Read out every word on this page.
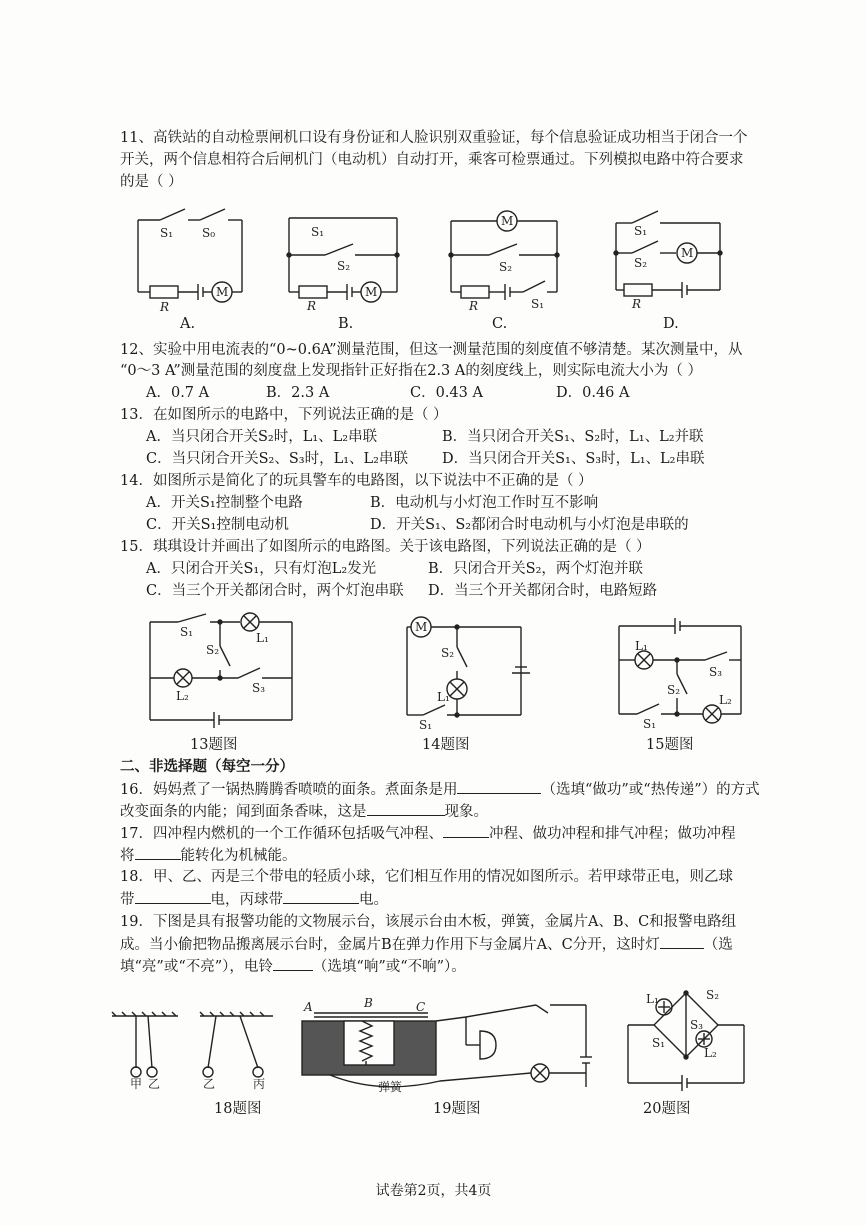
11、高铁站的自动检票闸机口设有身份证和人脸识别双重验证，每个信息验证成功相当于闭合一个
开关，两个信息相符合后闸机门（电动机）自动打开，乘客可检票通过。下列模拟电路中符合要求
的是（ ）
S₁ S₀
R
M
A.
S₁
S₂
R
M
B.
M
S₂
R	S₁
C.
S₁
S₂
M
R
D.
12、实验中用电流表的“0~0.6A”测量范围，但这一测量范围的刻度值不够清楚。某次测量中，从
“0～3 A”测量范围的刻度盘上发现指针正好指在2.3 A的刻度线上，则实际电流大小为（ ）
A．0.7 A	B．2.3 A	C．0.43 A	D．0.46 A
13．在如图所示的电路中，下列说法正确的是（ ）
A．当只闭合开关S₂时，L₁、L₂串联	B．当只闭合开关S₁、S₂时，L₁、L₂并联
C．当只闭合开关S₂、S₃时，L₁、L₂串联 D．当只闭合开关S₁、S₃时，L₁、L₂串联
14．如图所示是简化了的玩具警车的电路图，以下说法中不正确的是（ ）
A．开关S₁控制整个电路	B．电动机与小灯泡工作时互不影响
C．开关S₁控制电动机	D．开关S₁、S₂都闭合时电动机与小灯泡是串联的
15．琪琪设计并画出了如图所示的电路图。关于该电路图，下列说法正确的是（ ）
A．只闭合开关S₁，只有灯泡L₂发光	B．只闭合开关S₂，两个灯泡并联
C．当三个开关都闭合时，两个灯泡串联 D．当三个开关都闭合时，电路短路
S₁	L₁
S₂
L₂
S₃
13题图
M
S₂
L₁
S₁
14题图
L₁
S₃
S₂
S₁
L₂
15题图
二、非选择题（每空一分）
16．妈妈煮了一锅热腾腾香喷喷的面条。煮面条是用	（选填“做功”或“热传递”）的方式
改变面条的内能；闻到面条香味，这是	现象。
17．四冲程内燃机的一个工作循环包括吸气冲程、	冲程、做功冲程和排气冲程；做功冲程
将	能转化为机械能。
18．甲、乙、丙是三个带电的轻质小球，它们相互作用的情况如图所示。若甲球带正电，则乙球
带	电，丙球带	电。
19．下图是具有报警功能的文物展示台，该展示台由木板，弹簧，金属片A、B、C和报警电路组
成。当小偷把物品搬离展示台时，金属片B在弹力作用下与金属片A、C分开，这时灯	（选
填“亮”或“不亮”），电铃	（选填“响”或“不响”）。
甲 乙	乙	丙
18题图
A	B	C
弹簧
19题图
L₁	S₂
S₃
S₁
L₂
20题图
试卷第2页，共4页
